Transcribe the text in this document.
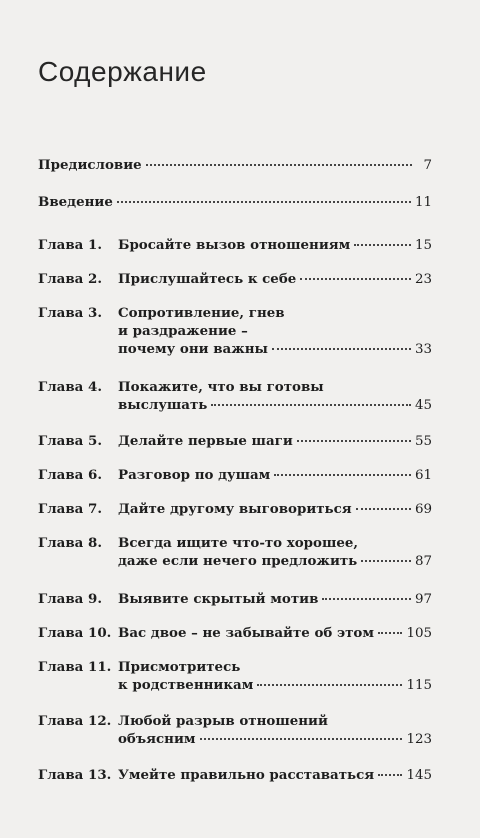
Содержание
Предисловие	7
Введение	11
Глава 1.	Бросайте вызов отношениям	15
Глава 2.	Прислушайтесь к себе	23
Глава 3.	Сопротивление, гнев
и раздражение –
почему они важны	33
Глава 4.	Покажите, что вы готовы
выслушать	45
Глава 5.	Делайте первые шаги	55
Глава 6.	Разговор по душам	61
Глава 7.	Дайте другому выговориться	69
Глава 8.	Всегда ищите что-то хорошее,
даже если нечего предложить	87
Глава 9.	Выявите скрытый мотив	97
Глава 10. Вас двое – не забывайте об этом 105
Глава 11. Присмотритесь
к родственникам	115
Глава 12. Любой разрыв отношений
объясним	123
Глава 13. Умейте правильно расставаться 145
